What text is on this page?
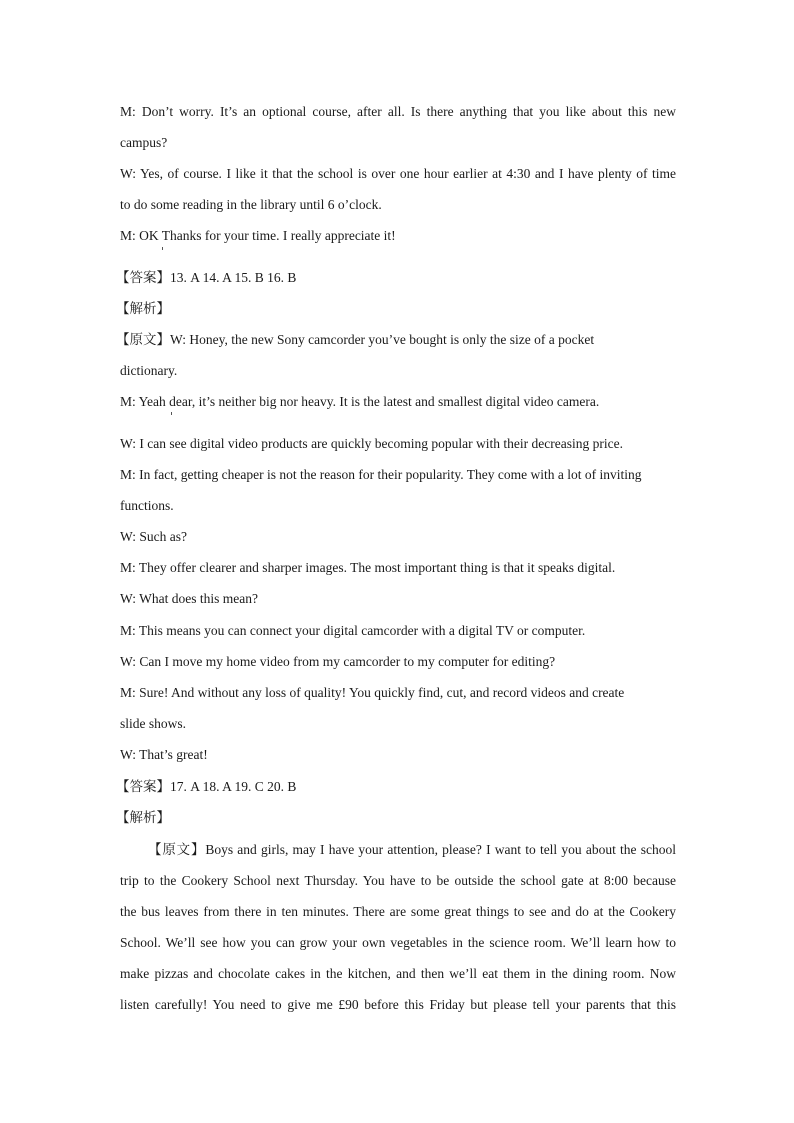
M: Don’t worry. It’s an optional course, after all. Is there anything that you like about this new
campus?
W: Yes, of course. I like it that the school is over one hour earlier at 4:30 and I have plenty of time
to do some reading in the library until 6 o’clock.
M: OK Thanks for your time. I really appreciate it!
【答案】13. A 14. A 15. B 16. B
【解析】
【原文】W: Honey, the new Sony camcorder you’ve bought is only the size of a pocket
dictionary.
M: Yeah dear, it’s neither big nor heavy. It is the latest and smallest digital video camera.
W: I can see digital video products are quickly becoming popular with their decreasing price.
M: In fact, getting cheaper is not the reason for their popularity. They come with a lot of inviting
functions.
W: Such as?
M: They offer clearer and sharper images. The most important thing is that it speaks digital.
W: What does this mean?
M: This means you can connect your digital camcorder with a digital TV or computer.
W: Can I move my home video from my camcorder to my computer for editing?
M: Sure! And without any loss of quality! You quickly find, cut, and record videos and create
slide shows.
W: That’s great!
【答案】17. A 18. A 19. C 20. B
【解析】
【原文】Boys and girls, may I have your attention, please? I want to tell you about the school
trip to the Cookery School next Thursday. You have to be outside the school gate at 8:00 because
the bus leaves from there in ten minutes. There are some great things to see and do at the Cookery
School. We’ll see how you can grow your own vegetables in the science room. We’ll learn how to
make pizzas and chocolate cakes in the kitchen, and then we’ll eat them in the dining room. Now
listen carefully! You need to give me £90 before this Friday but please tell your parents that this
